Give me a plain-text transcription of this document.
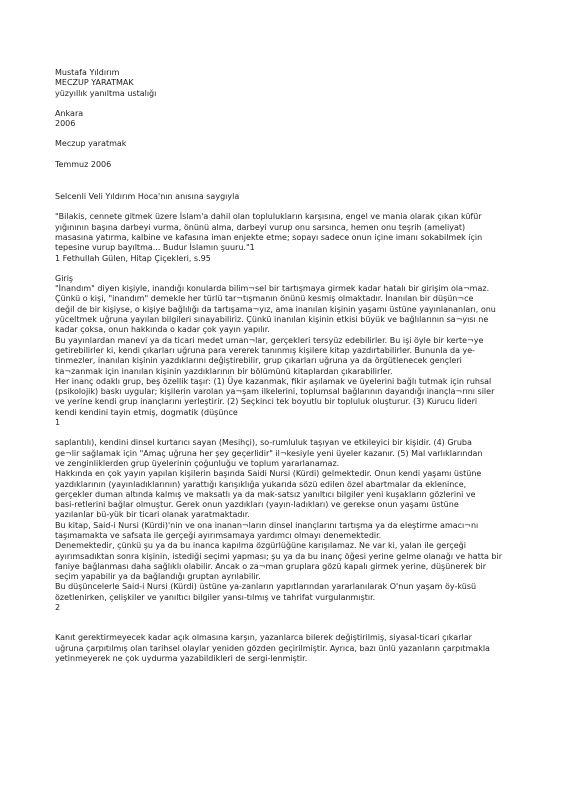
Mustafa Yıldırım
MECZUP YARATMAK
yüzyıllık yanıltma ustalığı
Ankara
2006
Meczup yaratmak
Temmuz 2006
Selcenli Veli Yıldırım Hoca'nın anısına saygıyla
"Bilakis, cennete gitmek üzere İslam'a dahil olan toplulukların karşısına, engel ve mania olarak çıkan küfür
yığınının başına darbeyi vurma, önünü alma, darbeyi vurup onu sarsınca, hemen onu teşrih (ameliyat)
masasına yatırma, kalbine ve kafasına iman enjekte etme; sopayı sadece onun içine imanı sokabilmek için
tepesine vurup bayıltma... Budur İslamın şuuru."1
1 Fethullah Gülen, Hitap Çiçekleri, s.95
Giriş
"İnandım" diyen kişiyle, inandığı konularda bilim¬sel bir tartışmaya girmek kadar hatalı bir girişim ola¬maz.
Çünkü o kişi, "inandım" demekle her türlü tar¬tışmanın önünü kesmiş olmaktadır. İnanılan bir düşün¬ce
değil de bir kişiyse, o kişiye bağlılığı da tartışama¬yız, ama inanılan kişinin yaşamı üstüne yayınlananları, onu
yüceltmek uğruna yayılan bilgileri sınayabiliriz. Çünkü inanılan kişinin etkisi büyük ve bağlılarının sa¬yısı ne
kadar çoksa, onun hakkında o kadar çok yayın yapılır.
Bu yayınlardan manevi ya da ticari medet uman¬lar, gerçekleri tersyüz edebilirler. Bu işi öyle bir kerte¬ye
getirebilirler ki, kendi çıkarları uğruna para vererek tanınmış kişilere kitap yazdırtabilirler. Bununla da ye-
tinmezler, inanılan kişinin yazdıklarını değiştirebilir, grup çıkarları uğruna ya da örgütlenecek gençleri
ka¬zanmak için inanılan kişinin yazdıklarının bir bölümünü kitaplardan çıkarabilirler.
Her inanç odaklı grup, beş özellik taşır: (1) Üye kazanmak, fikir aşılamak ve üyelerini bağlı tutmak için ruhsal
(psikolojik) baskı uygular; kişilerin varolan ya¬şam ilkelerini, toplumsal bağlarının dayandığı inançla¬rını siler
ve yerine kendi grup inançlarını yerleştirir. (2) Seçkinci tek boyutlu bir topluluk oluşturur. (3) Kurucu lideri
kendi kendini tayin etmiş, dogmatik (düşünce
1
saplantılı), kendini dinsel kurtarıcı sayan (Mesihçi), so-rumluluk taşıyan ve etkileyici bir kişidir. (4) Gruba
ge¬lir sağlamak için "Amaç uğruna her şey geçerlidir" il¬kesiyle yeni üyeler kazanır. (5) Mal varlıklarından
ve zenginliklerden grup üyelerinin çoğunluğu ve toplum yararlanamaz.
Hakkında en çok yayın yapılan kişilerin başında Saidi Nursi (Kürdi) gelmektedir. Onun kendi yaşamı üstüne
yazdıklarının (yayınladıklarının) yarattığı karışıklığa yukarıda sözü edilen özel abartmalar da eklenince,
gerçekler duman altında kalmış ve maksatlı ya da mak-satsız yanıltıcı bilgiler yeni kuşakların gözlerini ve
basi-retlerini bağlar olmuştur. Gerek onun yazdıkları (yayın-ladıkları) ve gerekse onun yaşamı üstüne
yazılanlar bü-yük bir ticari olanak yaratmaktadır.
Bu kitap, Said-i Nursi (Kürdi)'nin ve ona inanan¬ların dinsel inançlarını tartışma ya da eleştirme amacı¬nı
taşımamakta ve safsata ile gerçeği ayırımsamaya yardımcı olmayı denemektedir.
Denemektedir, çünkü şu ya da bu inanca kapılma özgürlüğüne karışılamaz. Ne var ki, yalan ile gerçeği
ayırımsadıktan sonra kişinin, istediği seçimi yapması; şu ya da bu inanç öğesi yerine gelme olanağı ve hatta bir
faniye bağlanması daha sağlıklı olabilir. Ancak o za¬man gruplara gözü kapalı girmek yerine, düşünerek bir
seçim yapabilir ya da bağlandığı gruptan ayrılabilir.
Bu düşüncelerle Said-i Nursi (Kürdi) üstüne ya-zanların yapıtlarından yararlanılarak O'nun yaşam öy-küsü
özetlenirken, çelişkiler ve yanıltıcı bilgiler yansı-tılmış ve tahrifat vurgulanmıştır.
2
Kanıt gerektirmeyecek kadar açık olmasına karşın, yazanlarca bilerek değiştirilmiş, siyasal-ticari çıkarlar
uğruna çarpıtılmış olan tarihsel olaylar yeniden gözden geçirilmiştir. Ayrıca, bazı ünlü yazanların çarpıtmakla
yetinmeyerek ne çok uydurma yazabildikleri de sergi-lenmiştir.
